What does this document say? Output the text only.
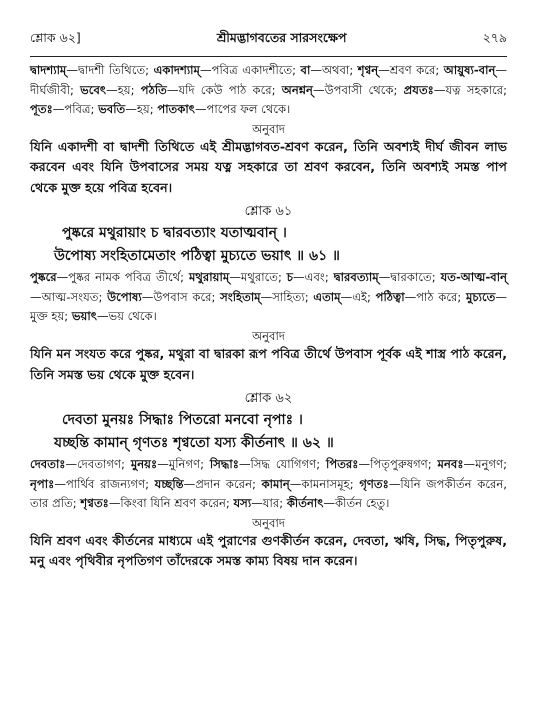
শ্লোক ৬২]	শ্রীমদ্ভাগবতের সারসংক্ষেপ	২৭৯

দ্বাদশ্যাম্—দ্বাদশী তিথিতে; একাদশ্যাম্—পবিত্র একাদশীতে; বা—অথবা; শৃণ্বন্—শ্রবণ করে; আয়ুষ্য-বান্—দীর্ঘজীবী; ভবেৎ—হয়; পঠতি—যদি কেউ পাঠ করে; অনশ্নন্—উপবাসী থেকে; প্রযতঃ—যত্ন সহকারে; পূতঃ—পবিত্র; ভবতি—হয়; পাতকাৎ—পাপের ফল থেকে।

অনুবাদ

যিনি একাদশী বা দ্বাদশী তিথিতে এই শ্রীমদ্ভাগবত-শ্রবণ করেন, তিনি অবশ্যই দীর্ঘ জীবন লাভ করবেন এবং যিনি উপবাসের সময় যত্ন সহকারে তা শ্রবণ করবেন, তিনি অবশ্যই সমস্ত পাপ থেকে মুক্ত হয়ে পবিত্র হবেন।

শ্লোক ৬১
পুষ্করে মথুরায়াং চ দ্বারবত্যাং যতাত্মবান্ ।
উপোষ্য সংহিতামেতাং পঠিত্বা মুচ্যতে ভয়াৎ ॥ ৬১ ॥

পুষ্করে—পুষ্কর নামক পবিত্র তীর্থে; মথুরায়াম্—মথুরাতে; চ—এবং; দ্বারবত্যাম্—দ্বারকাতে; যত-আত্ম-বান্—আত্ম-সংযত; উপোষ্য—উপবাস করে; সংহিতাম্—সাহিত্য; এতাম্—এই; পঠিত্বা—পাঠ করে; মুচ্যতে—মুক্ত হয়; ভয়াৎ—ভয় থেকে।

অনুবাদ

যিনি মন সংযত করে পুষ্কর, মথুরা বা দ্বারকা রূপ পবিত্র তীর্থে উপবাস পূর্বক এই শাস্ত্র পাঠ করেন, তিনি সমস্ত ভয় থেকে মুক্ত হবেন।

শ্লোক ৬২
দেবতা মুনয়ঃ সিদ্ধাঃ পিতরো মনবো নৃপাঃ ।
যচ্ছন্তি কামান্ গৃণতঃ শৃণ্বতো যস্য কীর্তনাৎ ॥ ৬২ ॥

দেবতাঃ—দেবতাগণ; মুনয়ঃ—মুনিগণ; সিদ্ধাঃ—সিদ্ধ যোগিগণ; পিতরঃ—পিতৃপুরুষগণ; মনবঃ—মনুগণ; নৃপাঃ—পার্থিব রাজন্যগণ; যচ্ছন্তি—প্রদান করেন; কামান্—কামনাসমূহ; গৃণতঃ—যিনি জপকীর্তন করেন, তার প্রতি; শৃণ্বতঃ—কিংবা যিনি শ্রবণ করেন; যস্য—যার; কীর্তনাৎ—কীর্তন হেতু।

অনুবাদ

যিনি শ্রবণ এবং কীর্তনের মাধ্যমে এই পুরাণের গুণকীর্তন করেন, দেবতা, ঋষি, সিদ্ধ, পিতৃপুরুষ, মনু এবং পৃথিবীর নৃপতিগণ তাঁদেরকে সমস্ত কাম্য বিষয় দান করেন।
